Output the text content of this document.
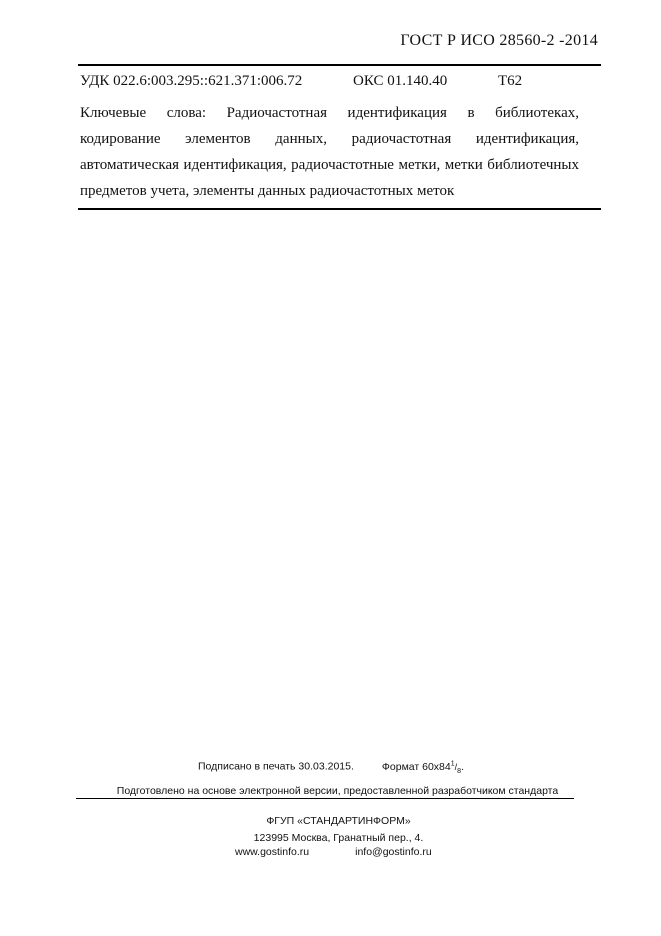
ГОСТ Р ИСО 28560-2 -2014
УДК 022.6:003.295::621.371:006.72	ОКС 01.140.40	Т62

Ключевые слова: Радиочастотная идентификация в библиотеках, кодирование элементов данных, радиочастотная идентификация, автоматическая идентификация, радиочастотные метки, метки библиотечных предметов учета, элементы данных радиочастотных меток

Подписано в печать 30.03.2015.	Формат $60х84^1/_8$.
Подготовлено на основе электронной версии, предоставленной разработчиком стандарта
ФГУП «СТАНДАРТИНФОРМ»
123995 Москва, Гранатный пер., 4.
www.gostinfo.ru	info@gostinfo.ru
